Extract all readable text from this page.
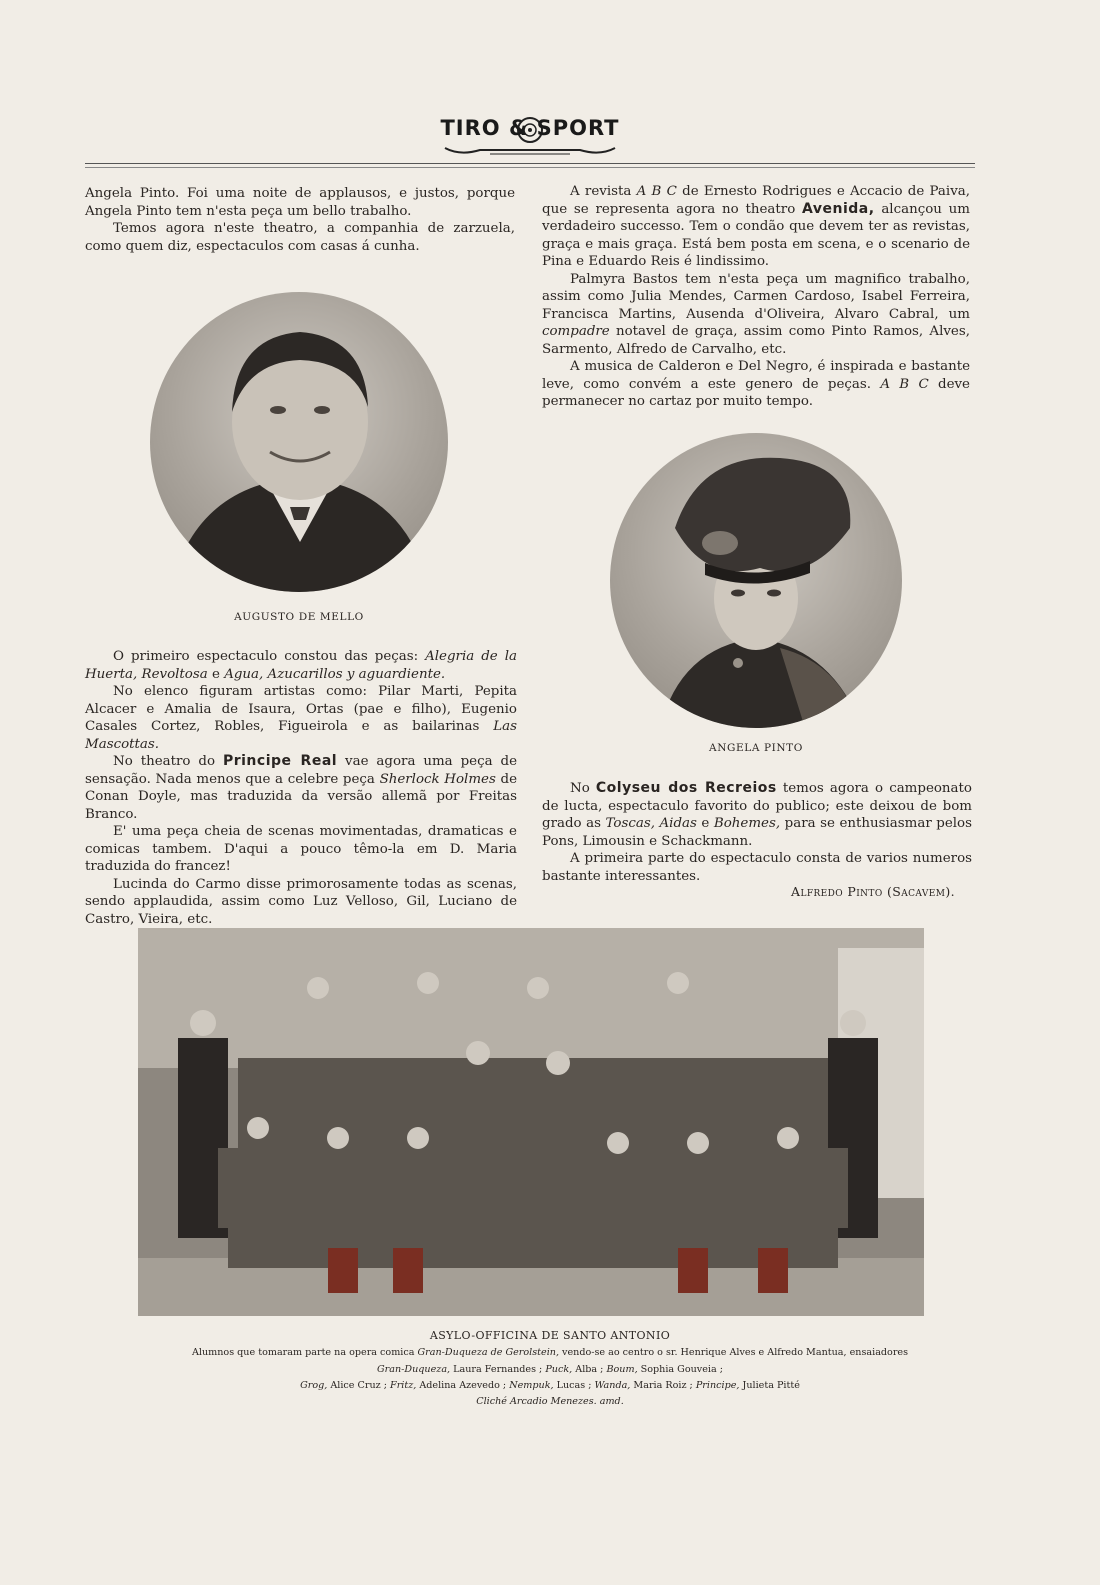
TIRO & SPORT

Angela Pinto. Foi uma noite de applausos, e justos, porque Angela Pinto tem n'esta peça um bello trabalho.

Temos agora n'este theatro, a companhia de zarzuela, como quem diz, espectaculos com casas á cunha.

A revista A B C de Ernesto Rodrigues e Accacio de Paiva, que se representa agora no theatro Avenida, alcançou um verdadeiro successo. Tem o condão que devem ter as revistas, graça e mais graça. Está bem posta em scena, e o scenario de Pina e Eduardo Reis é lindissimo.

Palmyra Bastos tem n'esta peça um magnifico trabalho, assim como Julia Mendes, Carmen Cardoso, Isabel Ferreira, Francisca Martins, Ausenda d'Oliveira, Alvaro Cabral, um compadre notavel de graça, assim como Pinto Ramos, Alves, Sarmento, Alfredo de Carvalho, etc.

A musica de Calderon e Del Negro, é inspirada e bastante leve, como convém a este genero de peças. A B C deve permanecer no cartaz por muito tempo.

AUGUSTO DE MELLO
ANGELA PINTO

O primeiro espectaculo constou das peças: Alegria de la Huerta, Revoltosa e Agua, Azucarillos y aguardiente.

No elenco figuram artistas como: Pilar Marti, Pepita Alcacer e Amalia de Isaura, Ortas (pae e filho), Eugenio Casales Cortez, Robles, Figueirola e as bailarinas Las Mascottas.

No theatro do Principe Real vae agora uma peça de sensação. Nada menos que a celebre peça Sherlock Holmes de Conan Doyle, mas traduzida da versão allemã por Freitas Branco.

E' uma peça cheia de scenas movimentadas, dramaticas e comicas tambem. D'aqui a pouco têmo-la em D. Maria traduzida do francez!

Lucinda do Carmo disse primorosamente todas as scenas, sendo applaudida, assim como Luz Velloso, Gil, Luciano de Castro, Vieira, etc.

No Colyseu dos Recreios temos agora o campeonato de lucta, espectaculo favorito do publico; este deixou de bom grado as Toscas, Aidas e Bohemes, para se enthusiasmar pelos Pons, Limousin e Schackmann.

A primeira parte do espectaculo consta de varios numeros bastante interessantes.

Alfredo Pinto (Sacavem).
ASYLO-OFFICINA DE SANTO ANTONIO
Alumnos que tomaram parte na opera comica Gran-Duqueza de Gerolstein, vendo-se ao centro o sr. Henrique Alves e Alfredo Mantua, ensaiadores
Gran-Duqueza, Laura Fernandes ; Puck, Alba ; Boum, Sophia Gouveia ;
Grog, Alice Cruz ; Fritz, Adelina Azevedo ; Nempuk, Lucas ; Wanda, Maria Roiz ; Principe, Julieta Pitté
Cliché Arcadio Menezes. amd.
